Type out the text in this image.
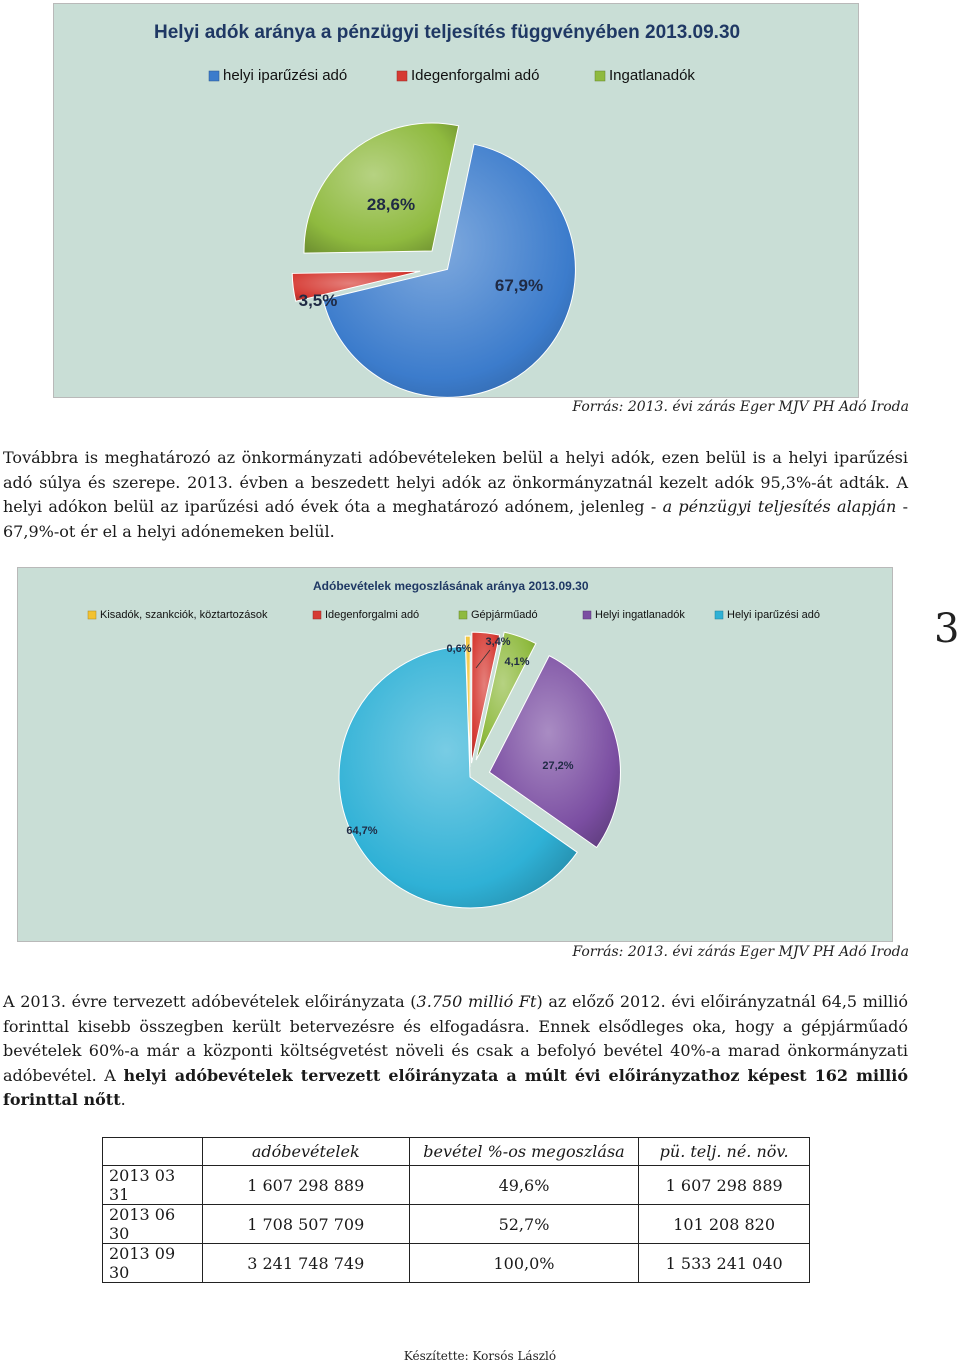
Helyi adók aránya a pénzügyi teljesítés függvényében 2013.09.30
helyi iparűzési adó	Idegenforgalmi adó	Ingatlanadók
67,9%
3,5%
28,6%
Forrás: 2013. évi zárás Eger MJV PH Adó Iroda
Továbbra is meghatározó az önkormányzati adóbevételeken belül a helyi adók, ezen belül is a helyi iparűzési adó súlya és szerepe. 2013. évben a beszedett helyi adók az önkormányzatnál kezelt adók 95,3%-át adták. A helyi adókon belül az iparűzési adó évek óta a meghatározó adónem, jelenleg - a pénzügyi teljesítés alapján - 67,9%-ot ér el a helyi adónemeken belül.
Adóbevételek megoszlásának aránya 2013.09.30
Kisadók, szankciók, köztartozások	Idegenforgalmi adó	Gépjárműadó	Helyi ingatlanadók	Helyi iparűzési adó
0,6%
3,4%
4,1%
27,2%
64,7%
Forrás: 2013. évi zárás Eger MJV PH Adó Iroda
3
A 2013. évre tervezett adóbevételek előirányzata (3.750 millió Ft) az előző 2012. évi előirányzatnál 64,5 millió forinttal kisebb összegben került betervezésre és elfogadásra. Ennek elsődleges oka, hogy a gépjárműadó bevételek 60%-a már a központi költségvetést növeli és csak a befolyó bevétel 40%-a marad önkormányzati adóbevétel. A helyi adóbevételek tervezett előirányzata a múlt évi előirányzathoz képest 162 millió forinttal nőtt.
	adóbevételek	bevétel %-os megoszlása	pü. telj. né. növ.
2013 03 31	1 607 298 889	49,6%	1 607 298 889
2013 06 30	1 708 507 709	52,7%	101 208 820
2013 09 30	3 241 748 749	100,0%	1 533 241 040
Készítette: Korsós László
